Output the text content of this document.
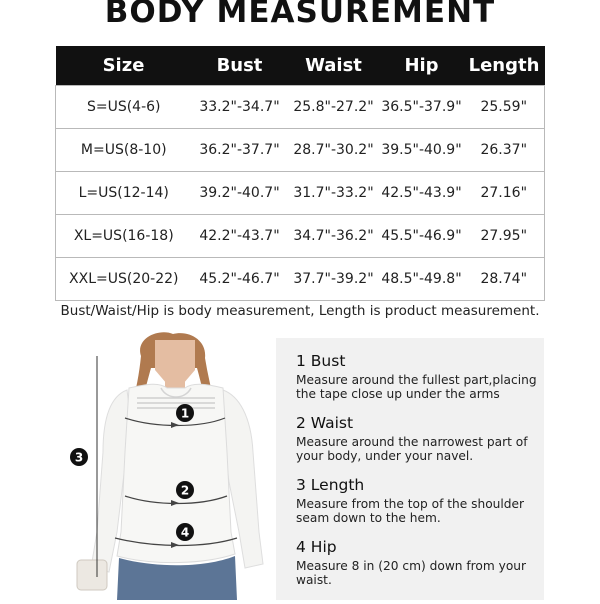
BODY MEASUREMENT
Size	Bust	Waist	Hip	Length
S=US(4-6)	33.2"-34.7"	25.8"-27.2"	36.5"-37.9"	25.59"
M=US(8-10)	36.2"-37.7"	28.7"-30.2"	39.5"-40.9"	26.37"
L=US(12-14)	39.2"-40.7"	31.7"-33.2"	42.5"-43.9"	27.16"
XL=US(16-18)	42.2"-43.7"	34.7"-36.2"	45.5"-46.9"	27.95"
XXL=US(20-22)	45.2"-46.7"	37.7"-39.2"	48.5"-49.8"	28.74"
Bust/Waist/Hip is body measurement, Length is product measurement.
1
2
3
4
1 Bust
Measure around the fullest part,placing the tape close up under the arms
2 Waist
Measure around the narrowest part of your body, under your navel.
3 Length
Measure from the top of the shoulder seam down to the hem.
4 Hip
Measure 8 in (20 cm) down from your waist.
